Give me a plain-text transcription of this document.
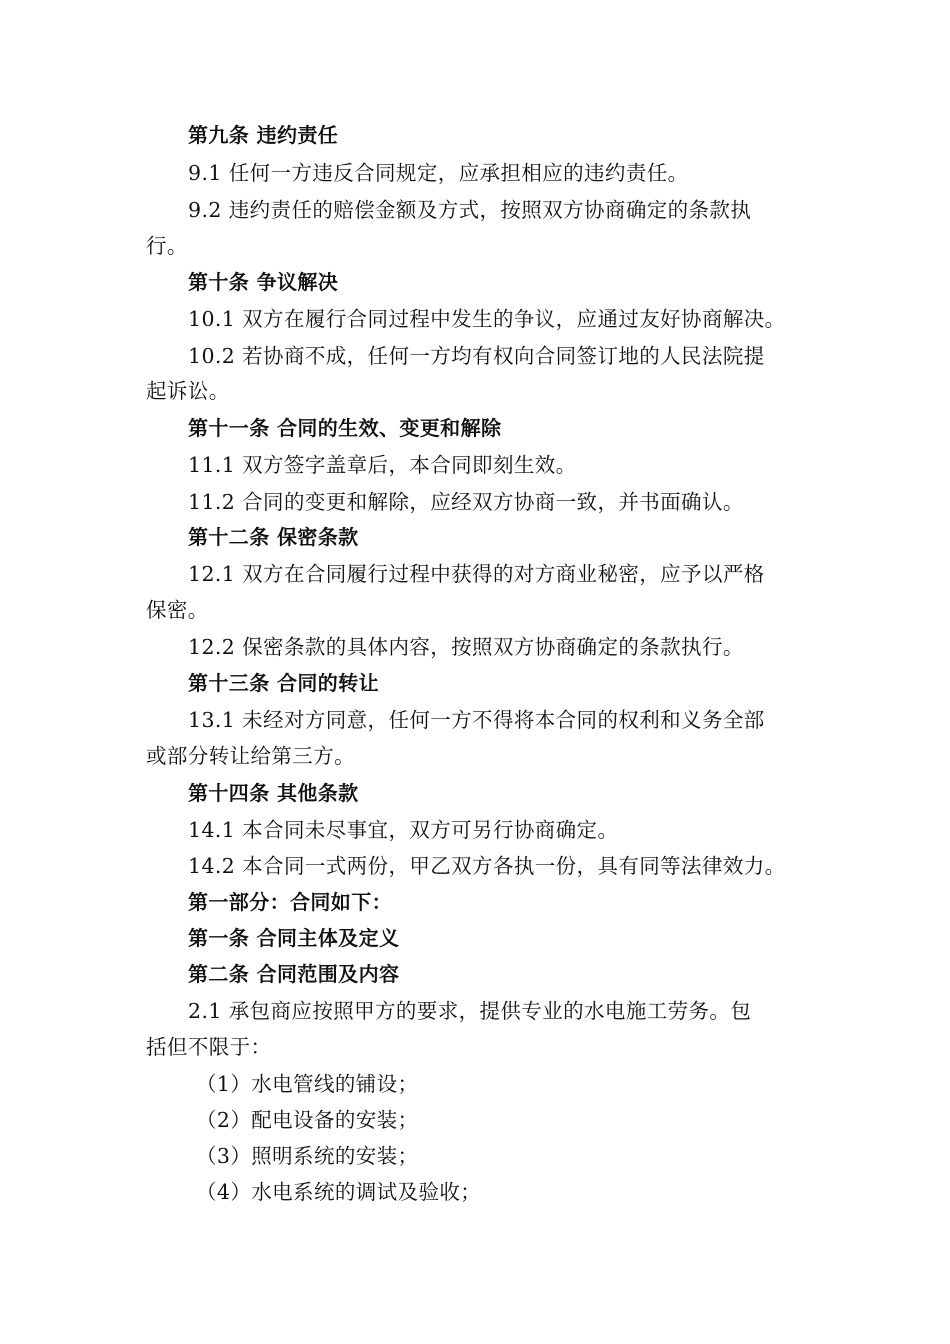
第九条 违约责任
9.1 任何一方违反合同规定，应承担相应的违约责任。
9.2 违约责任的赔偿金额及方式，按照双方协商确定的条款执
行。
第十条 争议解决
10.1 双方在履行合同过程中发生的争议，应通过友好协商解决。
10.2 若协商不成，任何一方均有权向合同签订地的人民法院提
起诉讼。
第十一条 合同的生效、变更和解除
11.1 双方签字盖章后，本合同即刻生效。
11.2 合同的变更和解除，应经双方协商一致，并书面确认。
第十二条 保密条款
12.1 双方在合同履行过程中获得的对方商业秘密，应予以严格
保密。
12.2 保密条款的具体内容，按照双方协商确定的条款执行。
第十三条 合同的转让
13.1 未经对方同意，任何一方不得将本合同的权利和义务全部
或部分转让给第三方。
第十四条 其他条款
14.1 本合同未尽事宜，双方可另行协商确定。
14.2 本合同一式两份，甲乙双方各执一份，具有同等法律效力。
第一部分：合同如下：
第一条 合同主体及定义
第二条 合同范围及内容
2.1 承包商应按照甲方的要求，提供专业的水电施工劳务。包
括但不限于：
（1）水电管线的铺设；
（2）配电设备的安装；
（3）照明系统的安装；
（4）水电系统的调试及验收；
